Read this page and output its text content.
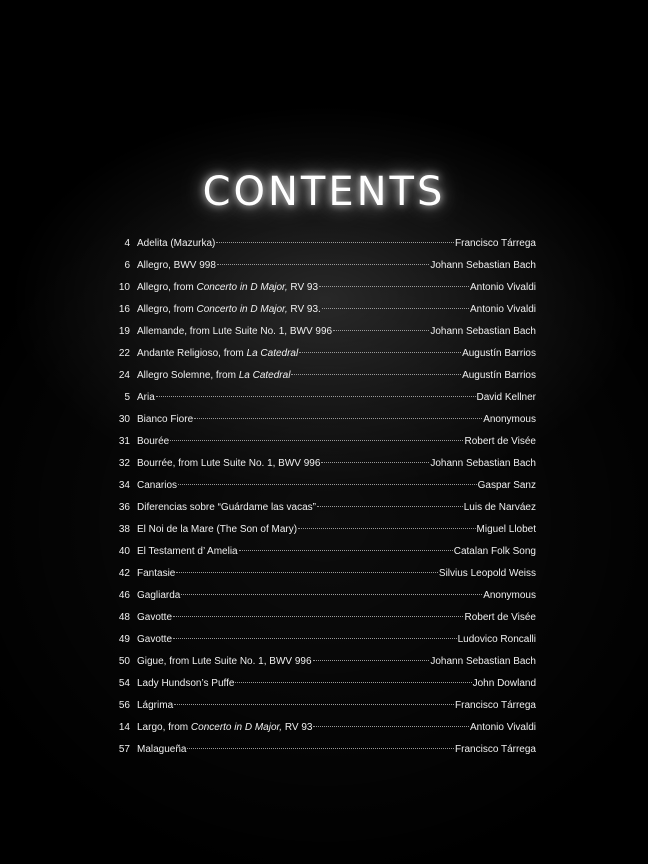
CONTENTS
4 Adelita (Mazurka)	Francisco Tárrega
6 Allegro, BWV 998	Johann Sebastian Bach
10 Allegro, from Concerto in D Major, RV 93	Antonio Vivaldi
16 Allegro, from Concerto in D Major, RV 93.	Antonio Vivaldi
19 Allemande, from Lute Suite No. 1, BWV 996	Johann Sebastian Bach
22 Andante Religioso, from La Catedral	Augustín Barrios
24 Allegro Solemne, from La Catedral	Augustín Barrios
5 Aria	David Kellner
30 Bianco Fiore	Anonymous
31 Bourée	Robert de Visée
32 Bourrée, from Lute Suite No. 1, BWV 996	Johann Sebastian Bach
34 Canarios	Gaspar Sanz
36 Diferencias sobre “Guárdame las vacas”	Luis de Narváez
38 El Noi de la Mare (The Son of Mary)	Miguel Llobet
40 El Testament d’ Amelia	Catalan Folk Song
42 Fantasie	Silvius Leopold Weiss
46 Gagliarda	Anonymous
48 Gavotte	Robert de Visée
49 Gavotte	Ludovico Roncalli
50 Gigue, from Lute Suite No. 1, BWV 996	Johann Sebastian Bach
54 Lady Hundson’s Puffe	John Dowland
56 Lágrima	Francisco Tárrega
14 Largo, from Concerto in D Major, RV 93	Antonio Vivaldi
57 Malagueña	Francisco Tárrega
